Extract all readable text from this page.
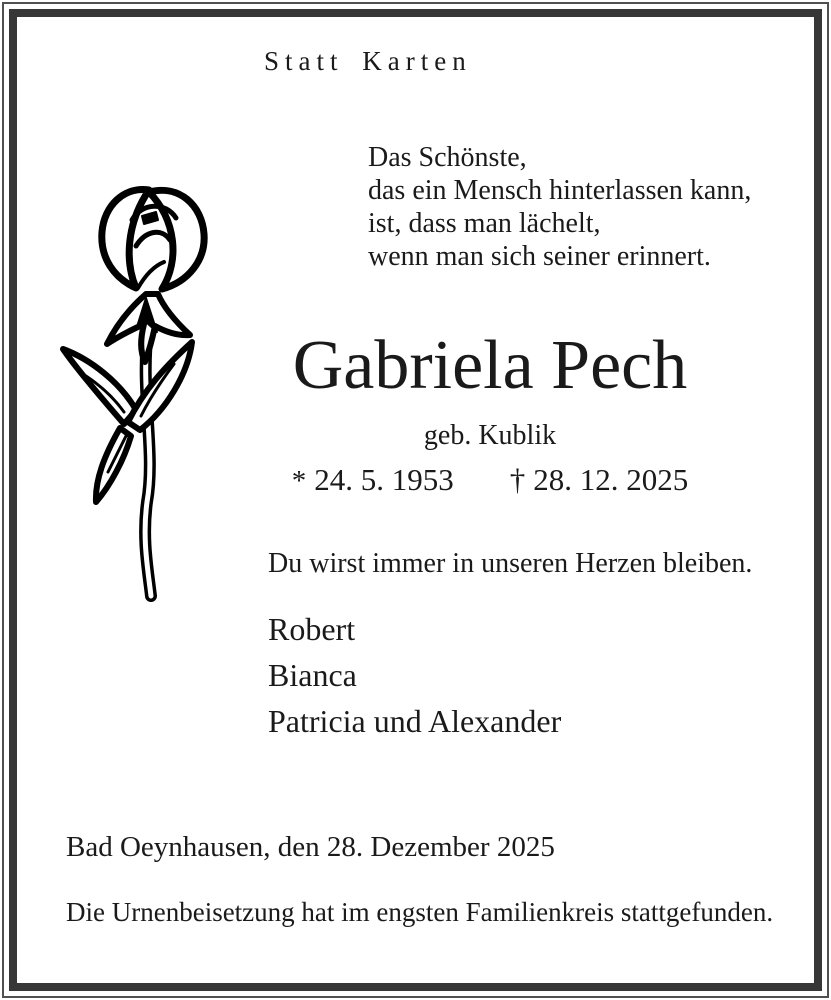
Statt Karten
Das Schönste,
das ein Mensch hinterlassen kann,
ist, dass man lächelt,
wenn man sich seiner erinnert.
Gabriela Pech
geb. Kublik
* 24. 5. 1953 † 28. 12. 2025
Du wirst immer in unseren Herzen bleiben.
Robert
Bianca
Patricia und Alexander
Bad Oeynhausen, den 28. Dezember 2025
Die Urnenbeisetzung hat im engsten Familienkreis stattgefunden.
